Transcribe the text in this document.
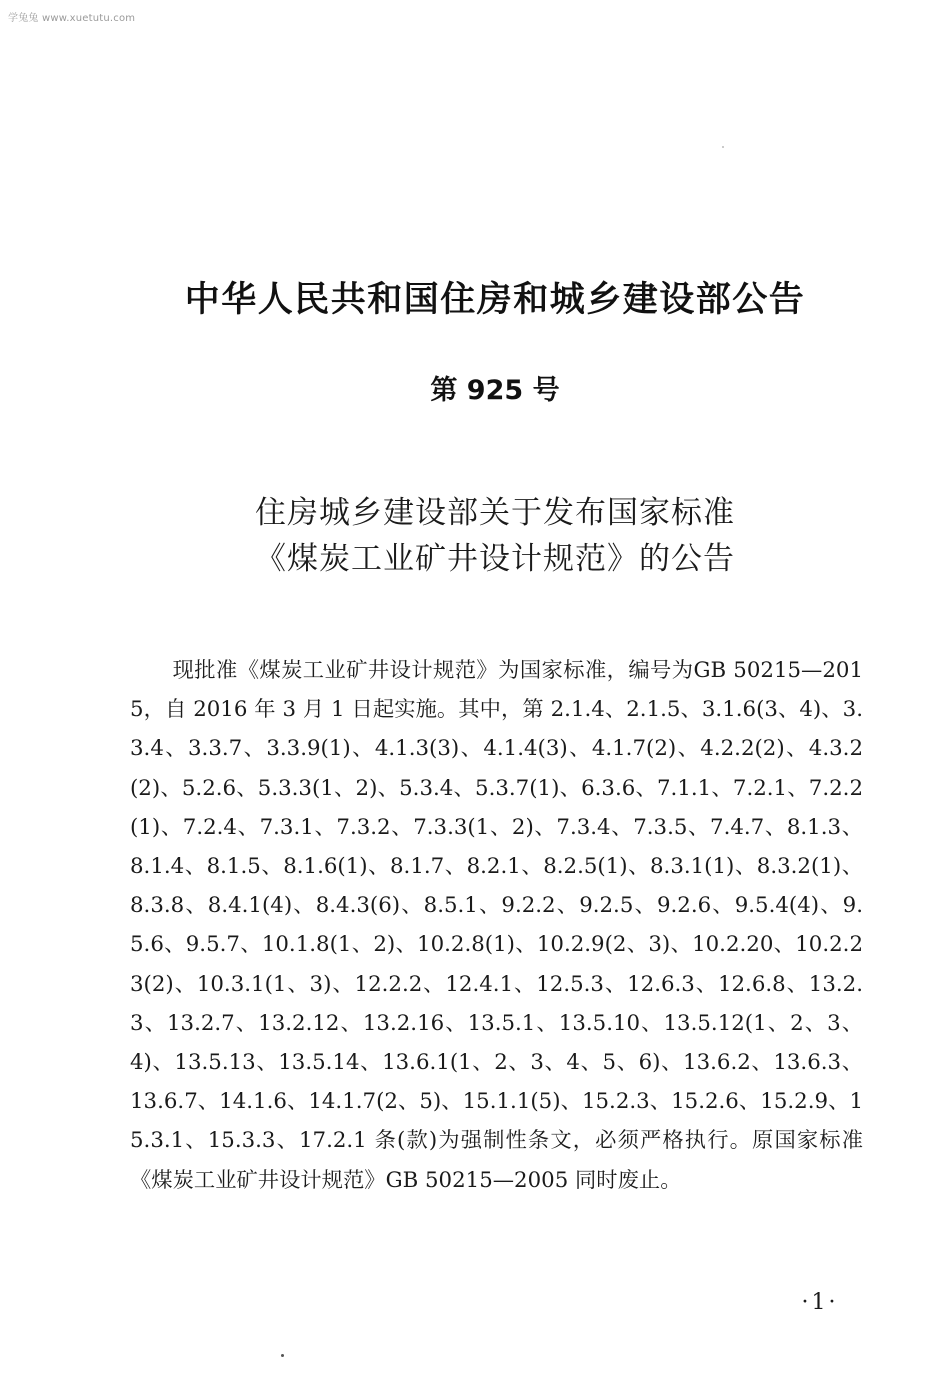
学兔兔 www.xuetutu.com
中华人民共和国住房和城乡建设部公告
第 925 号
住房城乡建设部关于发布国家标准
《煤炭工业矿井设计规范》的公告
现批准《煤炭工业矿井设计规范》为国家标准，编号为GB 50215—2015，自 2016 年 3 月 1 日起实施。其中，第 2.1.4、2.1.5、3.1.6(3、4)、3.3.4、3.3.7、3.3.9(1)、4.1.3(3)、4.1.4(3)、4.1.7(2)、4.2.2(2)、4.3.2(2)、5.2.6、5.3.3(1、2)、5.3.4、5.3.7(1)、6.3.6、7.1.1、7.2.1、7.2.2(1)、7.2.4、7.3.1、7.3.2、7.3.3(1、2)、7.3.4、7.3.5、7.4.7、8.1.3、8.1.4、8.1.5、8.1.6(1)、8.1.7、8.2.1、8.2.5(1)、8.3.1(1)、8.3.2(1)、8.3.8、8.4.1(4)、8.4.3(6)、8.5.1、9.2.2、9.2.5、9.2.6、9.5.4(4)、9.5.6、9.5.7、10.1.8(1、2)、10.2.8(1)、10.2.9(2、3)、10.2.20、10.2.23(2)、10.3.1(1、3)、12.2.2、12.4.1、12.5.3、12.6.3、12.6.8、13.2.3、13.2.7、13.2.12、13.2.16、13.5.1、13.5.10、13.5.12(1、2、3、4)、13.5.13、13.5.14、13.6.1(1、2、3、4、5、6)、13.6.2、13.6.3、13.6.7、14.1.6、14.1.7(2、5)、15.1.1(5)、15.2.3、15.2.6、15.2.9、15.3.1、15.3.3、17.2.1 条(款)为强制性条文，必须严格执行。原国家标准《煤炭工业矿井设计规范》GB 50215—2005 同时废止。
·1·
